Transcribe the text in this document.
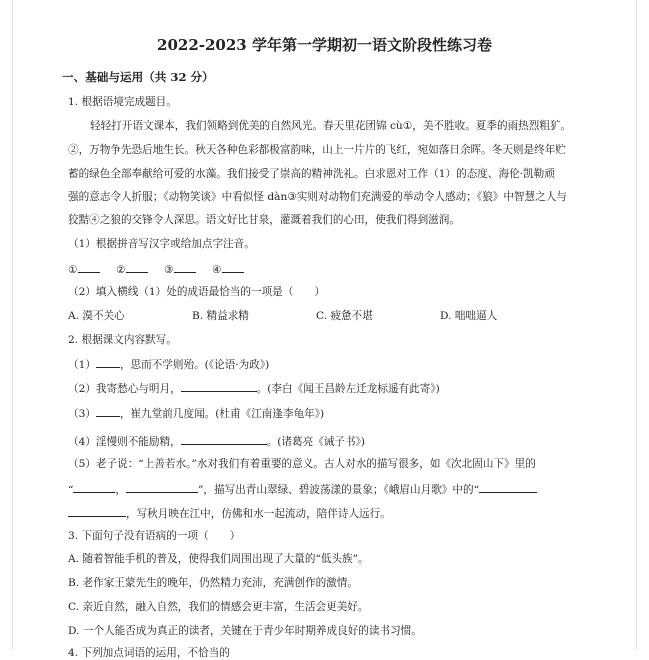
2022-2023 学年第一学期初一语文阶段性练习卷
一、基础与运用（共 32 分）
1. 根据语境完成题目。
轻轻打开语文课本，我们领略到优美的自然风光。春天里花团锦 cù①，美不胜收。夏季的雨热烈粗犷。
②，万物争先恐后地生长。秋天各种色彩都极富韵味，山上一片片的飞红，宛如落日余晖。冬天则是终年贮
蓄的绿色全部奉献给可爱的水藻。我们接受了崇高的精神洗礼。白求恩对工作（1）的态度、海伦·凯勒顽
强的意志令人折服；《动物笑谈》中看似怪 dàn③实则对动物们充满爱的举动令人感动；《狼》中智慧之人与
狡黠④之狼的交锋令人深思。语文好比甘泉，灌溉着我们的心田，使我们得到滋润。
（1）根据拼音写汉字或给加点字注音。
①	②	③	④
（2）填入横线（1）处的成语最恰当的一项是（　　）
A. 漠不关心	B. 精益求精	C. 疲惫不堪	D. 咄咄逼人
2. 根据课文内容默写。
（1） ，思而不学则殆。(《论语·为政》)
（2）我寄愁心与明月，	。(李白《闻王昌龄左迁龙标遥有此寄》)
（3） ，崔九堂前几度闻。(杜甫《江南逢李龟年》)
（4）淫慢则不能励精，	。(诸葛亮《诫子书》)
（5）老子说：“上善若水。”水对我们有着重要的意义。古人对水的描写很多，如《次北固山下》里的
“	，	”，描写出青山翠绿、碧波荡漾的景象；《峨眉山月歌》中的“
，写秋月映在江中，仿佛和水一起流动，陪伴诗人远行。
3. 下面句子没有语病的一项（　　）
A. 随着智能手机的普及，使得我们周围出现了大量的“低头族”。
B. 老作家王蒙先生的晚年，仍然精力充沛，充满创作的激情。
C. 亲近自然，融入自然，我们的情感会更丰富，生活会更美好。
D. 一个人能否成为真正的读者，关键在于青少年时期养成良好的读书习惯。
4. 下列加点词语的运用，不恰当的
